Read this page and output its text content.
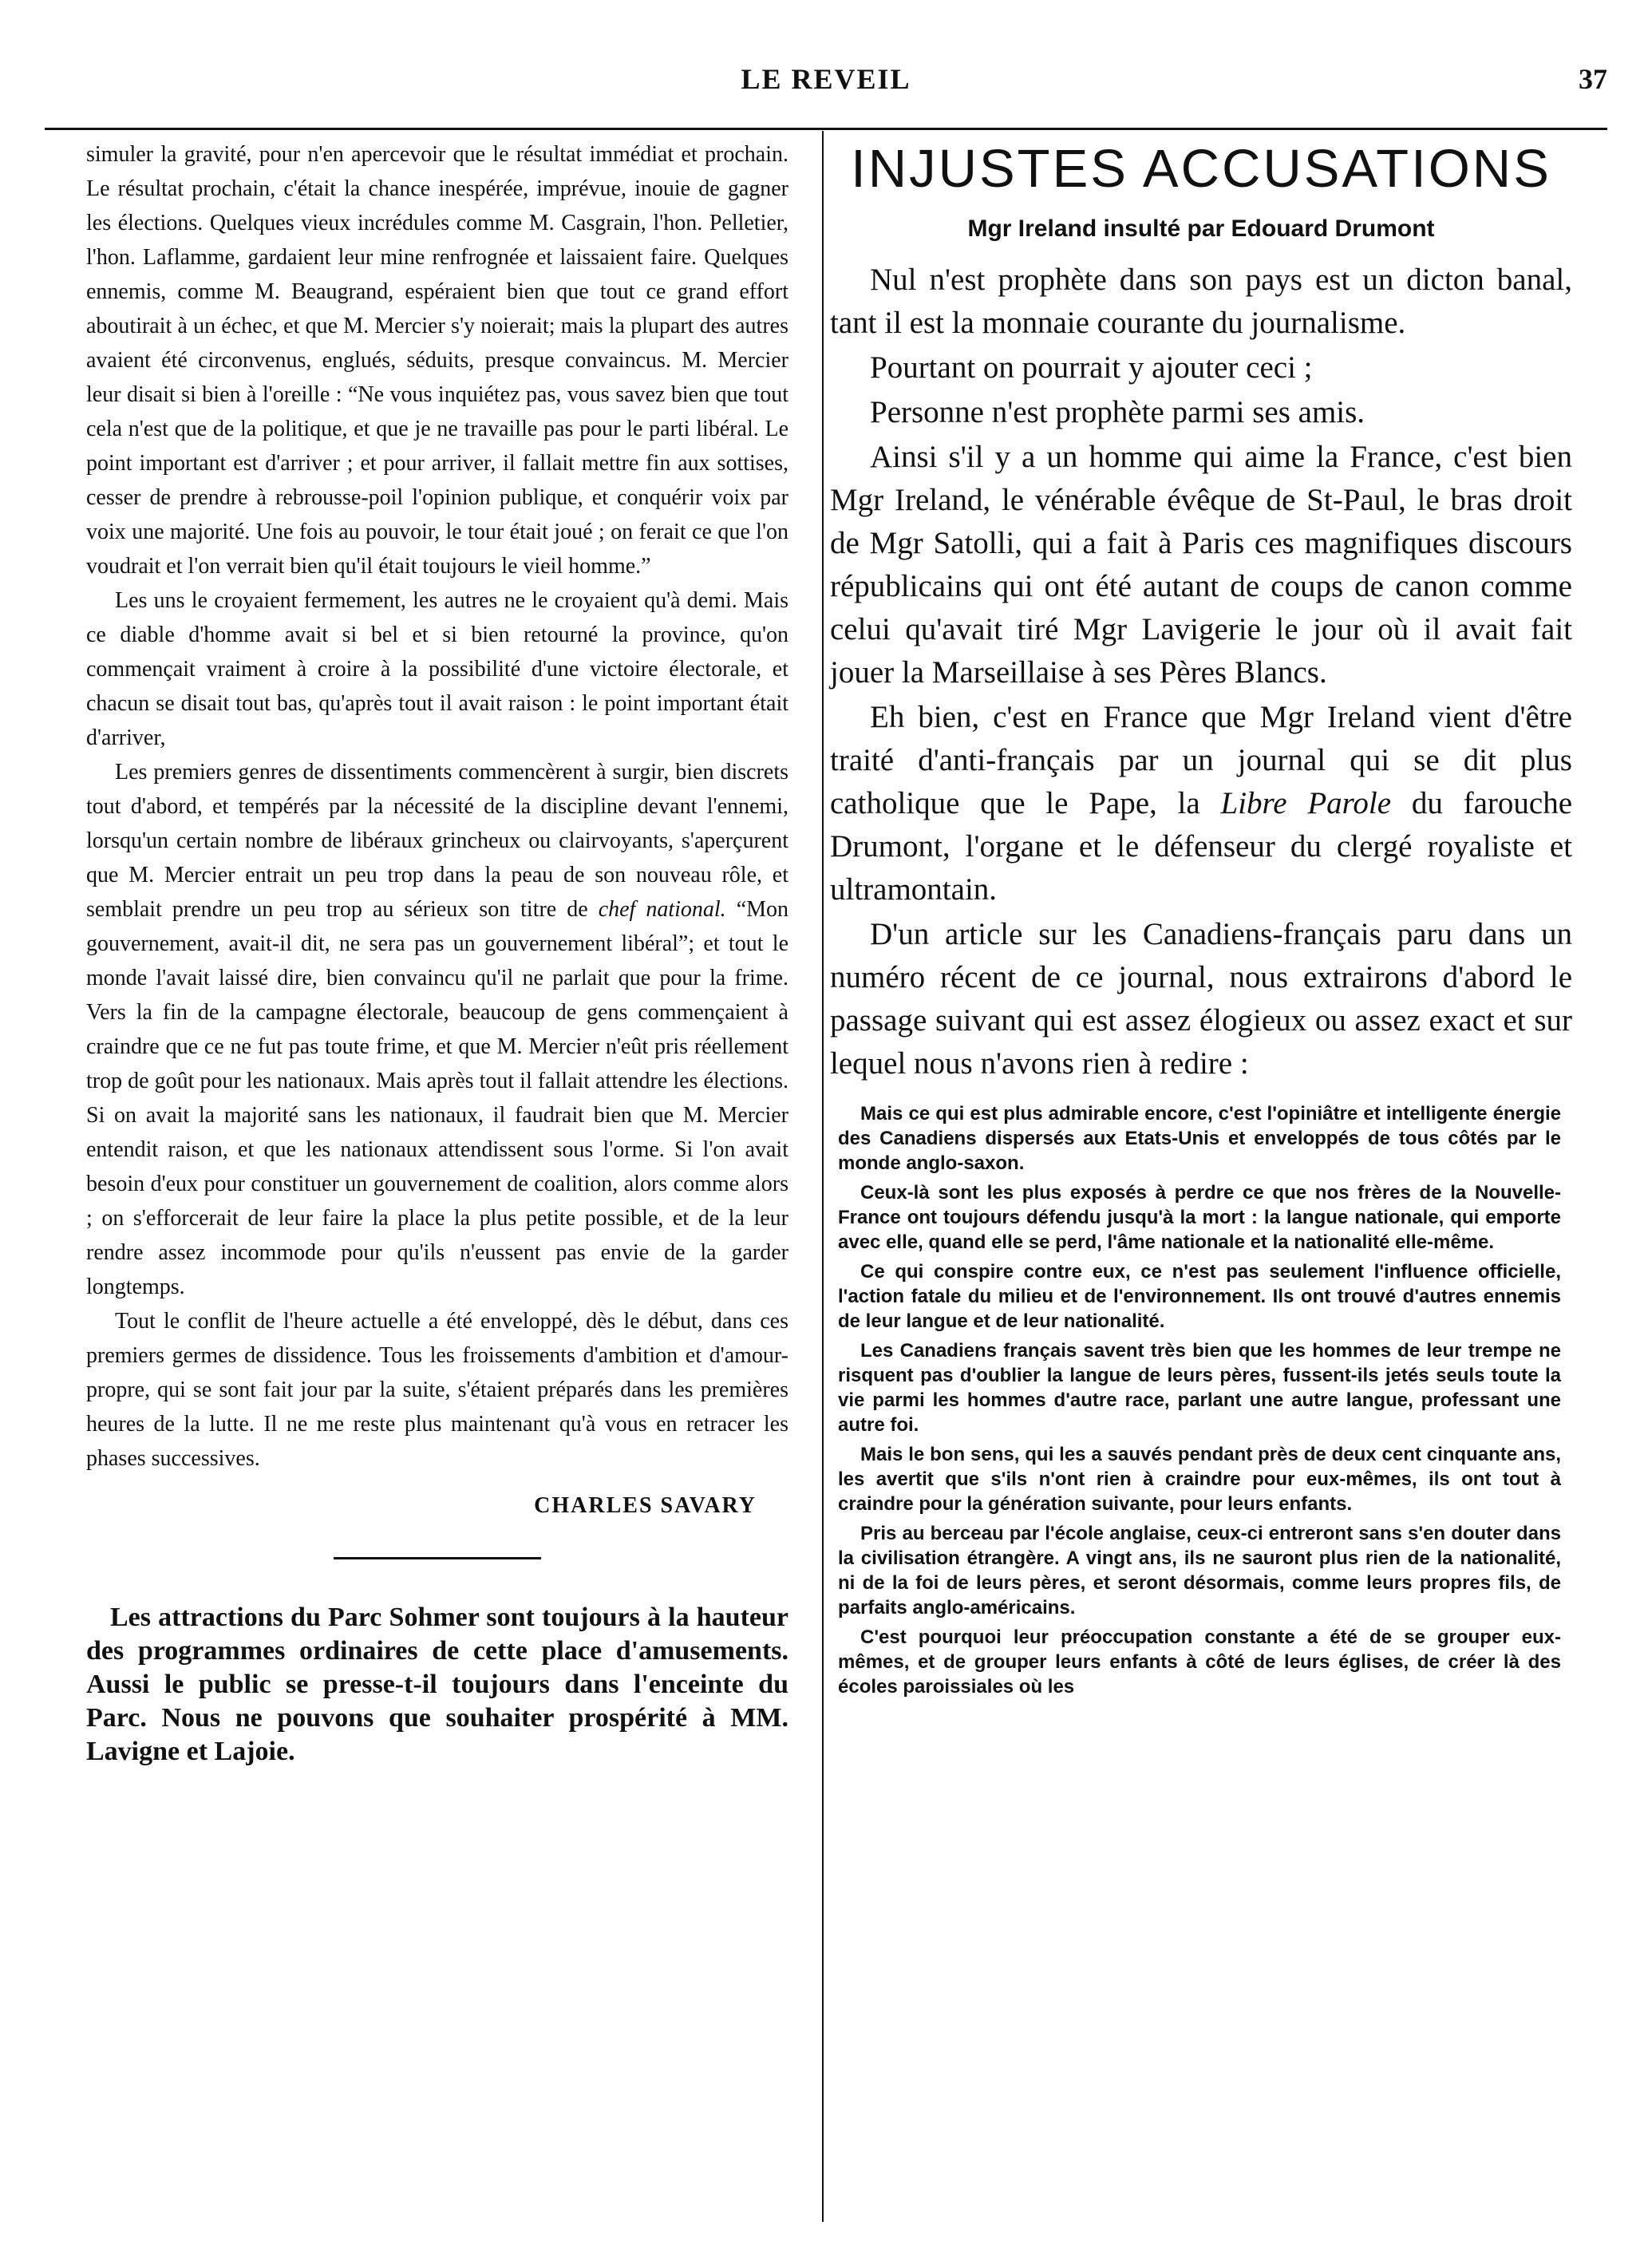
LE REVEIL	37

simuler la gravité, pour n'en apercevoir que le résultat immédiat et prochain. Le résultat prochain, c'était la chance inespérée, imprévue, inouie de gagner les élections. Quelques vieux incrédules comme M. Casgrain, l'hon. Pelletier, l'hon. Laflamme, gardaient leur mine renfrognée et laissaient faire. Quelques ennemis, comme M. Beaugrand, espéraient bien que tout ce grand effort aboutirait à un échec, et que M. Mercier s'y noierait; mais la plupart des autres avaient été circonvenus, englués, séduits, presque convaincus. M. Mercier leur disait si bien à l'oreille : “Ne vous inquiétez pas, vous savez bien que tout cela n'est que de la politique, et que je ne travaille pas pour le parti libéral. Le point important est d'arriver ; et pour arriver, il fallait mettre fin aux sottises, cesser de prendre à rebrousse-poil l'opinion publique, et conquérir voix par voix une majorité. Une fois au pouvoir, le tour était joué ; on ferait ce que l'on voudrait et l'on verrait bien qu'il était toujours le vieil homme.”

Les uns le croyaient fermement, les autres ne le croyaient qu'à demi. Mais ce diable d'homme avait si bel et si bien retourné la province, qu'on commençait vraiment à croire à la possibilité d'une victoire électorale, et chacun se disait tout bas, qu'après tout il avait raison : le point important était d'arriver,

Les premiers genres de dissentiments commencèrent à surgir, bien discrets tout d'abord, et tempérés par la nécessité de la discipline devant l'ennemi, lorsqu'un certain nombre de libéraux grincheux ou clairvoyants, s'aperçurent que M. Mercier entrait un peu trop dans la peau de son nouveau rôle, et semblait prendre un peu trop au sérieux son titre de chef national. “Mon gouvernement, avait-il dit, ne sera pas un gouvernement libéral”; et tout le monde l'avait laissé dire, bien convaincu qu'il ne parlait que pour la frime. Vers la fin de la campagne électorale, beaucoup de gens commençaient à craindre que ce ne fut pas toute frime, et que M. Mercier n'eût pris réellement trop de goût pour les nationaux. Mais après tout il fallait attendre les élections. Si on avait la majorité sans les nationaux, il faudrait bien que M. Mercier entendit raison, et que les nationaux attendissent sous l'orme. Si l'on avait besoin d'eux pour constituer un gouvernement de coalition, alors comme alors ; on s'efforcerait de leur faire la place la plus petite possible, et de la leur rendre assez incommode pour qu'ils n'eussent pas envie de la garder longtemps.

Tout le conflit de l'heure actuelle a été enveloppé, dès le début, dans ces premiers germes de dissidence. Tous les froissements d'ambition et d'amour-propre, qui se sont fait jour par la suite, s'étaient préparés dans les premières heures de la lutte. Il ne me reste plus maintenant qu'à vous en retracer les phases successives.

CHARLES SAVARY

Les attractions du Parc Sohmer sont toujours à la hauteur des programmes ordinaires de cette place d'amusements. Aussi le public se presse-t-il toujours dans l'enceinte du Parc. Nous ne pouvons que souhaiter prospérité à MM. Lavigne et Lajoie.

INJUSTES ACCUSATIONS
Mgr Ireland insulté par Edouard Drumont

Nul n'est prophète dans son pays est un dicton banal, tant il est la monnaie courante du journalisme.

Pourtant on pourrait y ajouter ceci ;

Personne n'est prophète parmi ses amis.

Ainsi s'il y a un homme qui aime la France, c'est bien Mgr Ireland, le vénérable évêque de St-Paul, le bras droit de Mgr Satolli, qui a fait à Paris ces magnifiques discours républicains qui ont été autant de coups de canon comme celui qu'avait tiré Mgr Lavigerie le jour où il avait fait jouer la Marseillaise à ses Pères Blancs.

Eh bien, c'est en France que Mgr Ireland vient d'être traité d'anti-français par un journal qui se dit plus catholique que le Pape, la Libre Parole du farouche Drumont, l'organe et le défenseur du clergé royaliste et ultramontain.

D'un article sur les Canadiens-français paru dans un numéro récent de ce journal, nous extrairons d'abord le passage suivant qui est assez élogieux ou assez exact et sur lequel nous n'avons rien à redire :

Mais ce qui est plus admirable encore, c'est l'opiniâtre et intelligente énergie des Canadiens dispersés aux Etats-Unis et enveloppés de tous côtés par le monde anglo-saxon.

Ceux-là sont les plus exposés à perdre ce que nos frères de la Nouvelle-France ont toujours défendu jusqu'à la mort : la langue nationale, qui emporte avec elle, quand elle se perd, l'âme nationale et la nationalité elle-même.

Ce qui conspire contre eux, ce n'est pas seulement l'influence officielle, l'action fatale du milieu et de l'environnement. Ils ont trouvé d'autres ennemis de leur langue et de leur nationalité.

Les Canadiens français savent très bien que les hommes de leur trempe ne risquent pas d'oublier la langue de leurs pères, fussent-ils jetés seuls toute la vie parmi les hommes d'autre race, parlant une autre langue, professant une autre foi.

Mais le bon sens, qui les a sauvés pendant près de deux cent cinquante ans, les avertit que s'ils n'ont rien à craindre pour eux-mêmes, ils ont tout à craindre pour la génération suivante, pour leurs enfants.

Pris au berceau par l'école anglaise, ceux-ci entreront sans s'en douter dans la civilisation étrangère. A vingt ans, ils ne sauront plus rien de la nationalité, ni de la foi de leurs pères, et seront désormais, comme leurs propres fils, de parfaits anglo-américains.

C'est pourquoi leur préoccupation constante a été de se grouper eux-mêmes, et de grouper leurs enfants à côté de leurs églises, de créer là des écoles paroissiales où les
